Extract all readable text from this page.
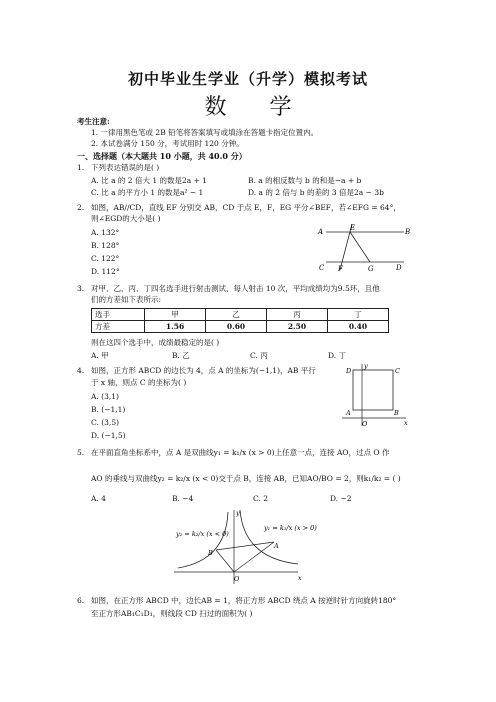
初中毕业生学业（升学）模拟考试
数 学
考生注意:
1. 一律用黑色笔或 2B 铅笔将答案填写或填涂在答题卡指定位置内。
2. 本试卷满分 150 分，考试用时 120 分钟。
一、选择题（本大题共 10 小题，共 40.0 分）
1. 下列表达错误的是( )
A. 比 a 的 2 倍大 1 的数是2a + 1	B. a 的相反数与 b 的和是−a + b
C. 比 a 的平方小 1 的数是a² − 1	D. a 的 2 倍与 b 的差的 3 倍是2a − 3b
2. 如图，AB//CD，直线 EF 分别交 AB，CD 于点 E，F，EG 平分∠BEF，若∠EFG = 64°，
则∠EGD的大小是( )
A. 132°
B. 128°
C. 122°
D. 112°
A	E	B
C F	G	D
3. 对甲、乙、丙、丁四名选手进行射击测试，每人射击 10 次，平均成绩均为9.5环，且他
们的方差如下表所示:
选手	甲	乙	丙	丁
方差	1.56	0.60	2.50	0.40
则在这四个选手中，成绩最稳定的是( )
A. 甲	B. 乙	C. 丙	D. 丁
4. 如图，正方形 ABCD 的边长为 4，点 A 的坐标为(−1,1)，AB 平行
于 x 轴，则点 C 的坐标为( )
A. (3,1)
B. (−1,1)
C. (3,5)
D. (−1,5)
D	C
A	B
O	x
y
5. 在平面直角坐标系中，点 A 是双曲线y₁ = k₁/x (x > 0)上任意一点，连接 AO，过点 O 作
AO 的垂线与双曲线y₂ = k₂/x (x < 0)交于点 B，连接 AB，已知AO/BO = 2，则k₁/k₂ = ( )
A. 4	B. −4	C. 2	D. −2
y₂ = k₂/x (x < 0)
y₁ = k₁/x (x > 0)
A
B
O	x
y
6. 如图，在正方形 ABCD 中，边长AB = 1，将正方形 ABCD 绕点 A 按逆时针方向旋转180°
至正方形AB₁C₁D₁，则线段 CD 扫过的面积为( )
